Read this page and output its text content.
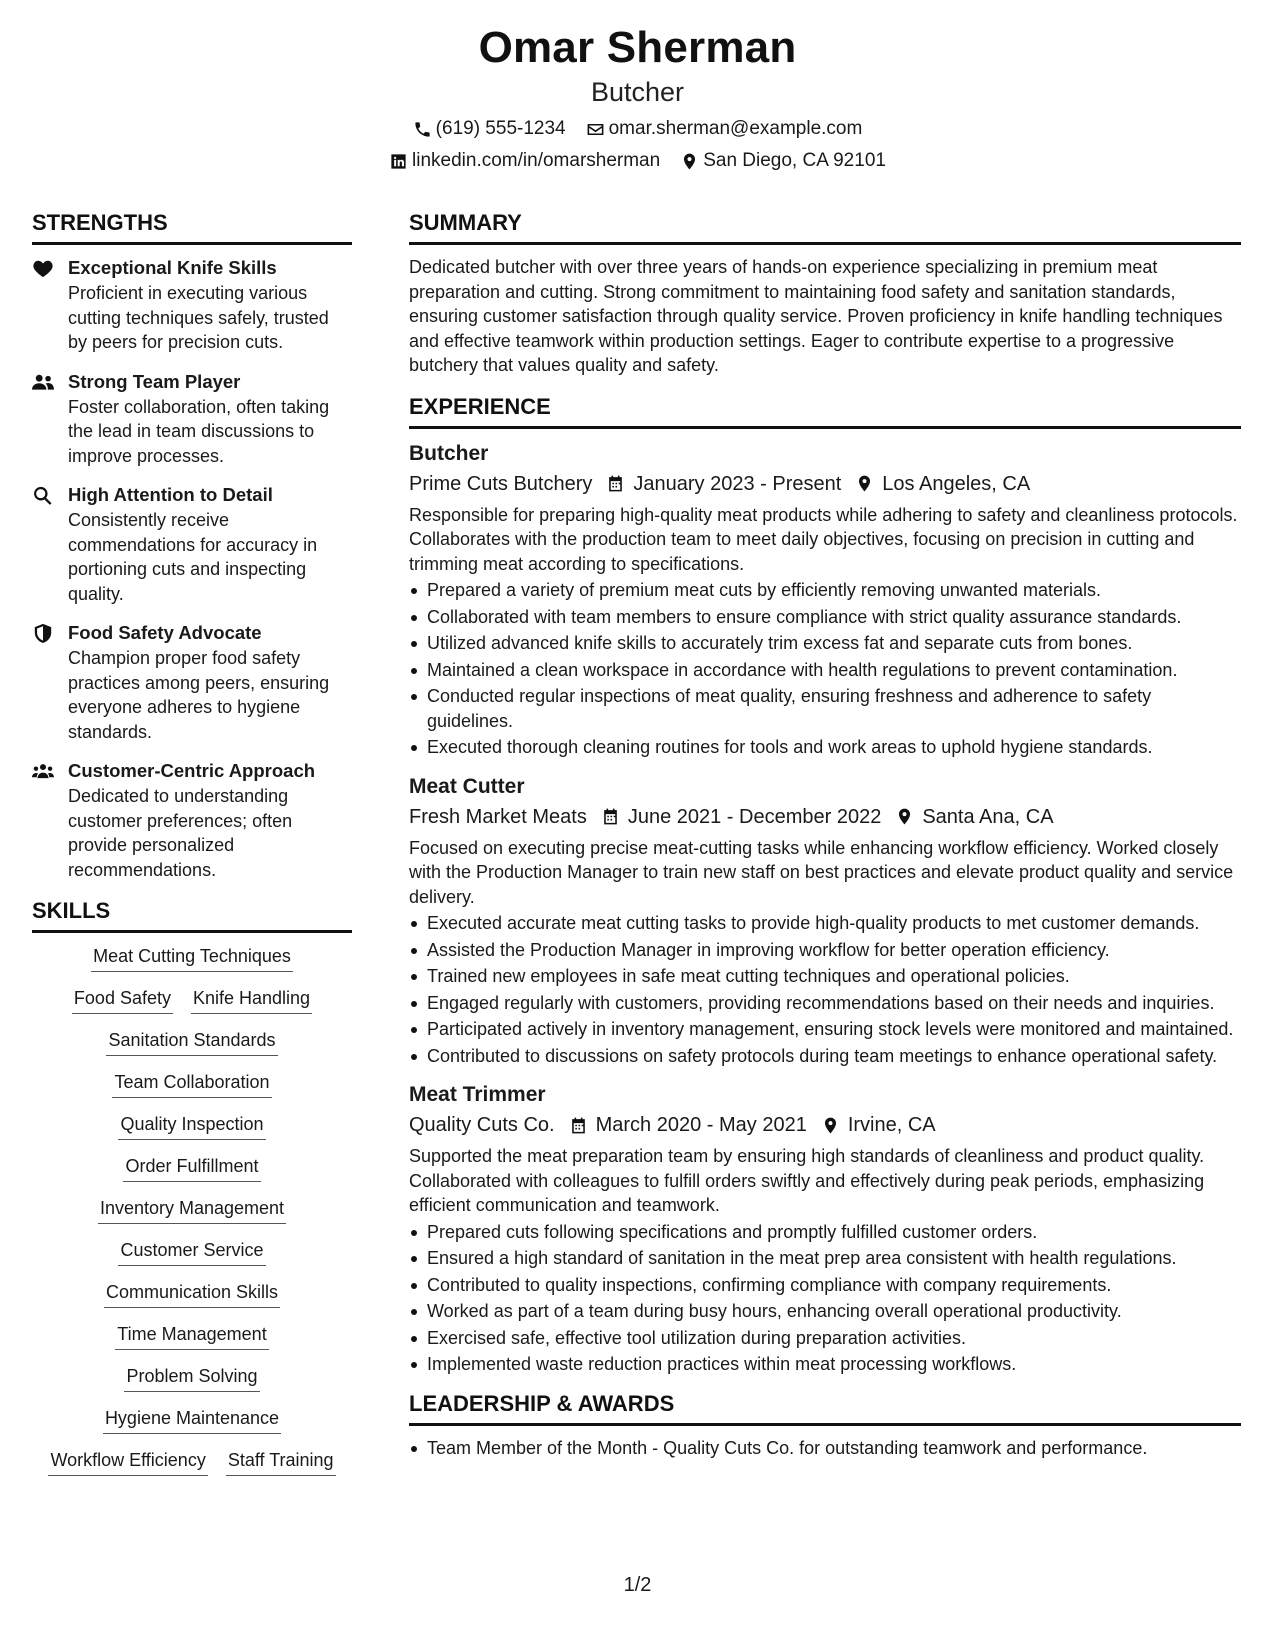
Omar Sherman
Butcher
(619) 555-1234 omar.sherman@example.com
linkedin.com/in/omarsherman San Diego, CA 92101
STRENGTHS
Exceptional Knife Skills
Proficient in executing various cutting techniques safely, trusted by peers for precision cuts.
Strong Team Player
Foster collaboration, often taking the lead in team discussions to improve processes.
High Attention to Detail
Consistently receive commendations for accuracy in portioning cuts and inspecting quality.
Food Safety Advocate
Champion proper food safety practices among peers, ensuring everyone adheres to hygiene standards.
Customer-Centric Approach
Dedicated to understanding customer preferences; often provide personalized recommendations.
SKILLS
Meat Cutting Techniques
Food Safety Knife Handling
Sanitation Standards
Team Collaboration
Quality Inspection
Order Fulfillment
Inventory Management
Customer Service
Communication Skills
Time Management
Problem Solving
Hygiene Maintenance
Workflow Efficiency Staff Training
SUMMARY
Dedicated butcher with over three years of hands-on experience specializing in premium meat preparation and cutting. Strong commitment to maintaining food safety and sanitation standards, ensuring customer satisfaction through quality service. Proven proficiency in knife handling techniques and effective teamwork within production settings. Eager to contribute expertise to a progressive butchery that values quality and safety.
EXPERIENCE
Butcher
Prime Cuts Butchery January 2023 - Present Los Angeles, CA
Responsible for preparing high-quality meat products while adhering to safety and cleanliness protocols. Collaborates with the production team to meet daily objectives, focusing on precision in cutting and trimming meat according to specifications.
Prepared a variety of premium meat cuts by efficiently removing unwanted materials.
Collaborated with team members to ensure compliance with strict quality assurance standards.
Utilized advanced knife skills to accurately trim excess fat and separate cuts from bones.
Maintained a clean workspace in accordance with health regulations to prevent contamination.
Conducted regular inspections of meat quality, ensuring freshness and adherence to safety guidelines.
Executed thorough cleaning routines for tools and work areas to uphold hygiene standards.
Meat Cutter
Fresh Market Meats June 2021 - December 2022 Santa Ana, CA
Focused on executing precise meat-cutting tasks while enhancing workflow efficiency. Worked closely with the Production Manager to train new staff on best practices and elevate product quality and service delivery.
Executed accurate meat cutting tasks to provide high-quality products to met customer demands.
Assisted the Production Manager in improving workflow for better operation efficiency.
Trained new employees in safe meat cutting techniques and operational policies.
Engaged regularly with customers, providing recommendations based on their needs and inquiries.
Participated actively in inventory management, ensuring stock levels were monitored and maintained.
Contributed to discussions on safety protocols during team meetings to enhance operational safety.
Meat Trimmer
Quality Cuts Co. March 2020 - May 2021 Irvine, CA
Supported the meat preparation team by ensuring high standards of cleanliness and product quality. Collaborated with colleagues to fulfill orders swiftly and effectively during peak periods, emphasizing efficient communication and teamwork.
Prepared cuts following specifications and promptly fulfilled customer orders.
Ensured a high standard of sanitation in the meat prep area consistent with health regulations.
Contributed to quality inspections, confirming compliance with company requirements.
Worked as part of a team during busy hours, enhancing overall operational productivity.
Exercised safe, effective tool utilization during preparation activities.
Implemented waste reduction practices within meat processing workflows.
LEADERSHIP & AWARDS
Team Member of the Month - Quality Cuts Co. for outstanding teamwork and performance.
1/2
